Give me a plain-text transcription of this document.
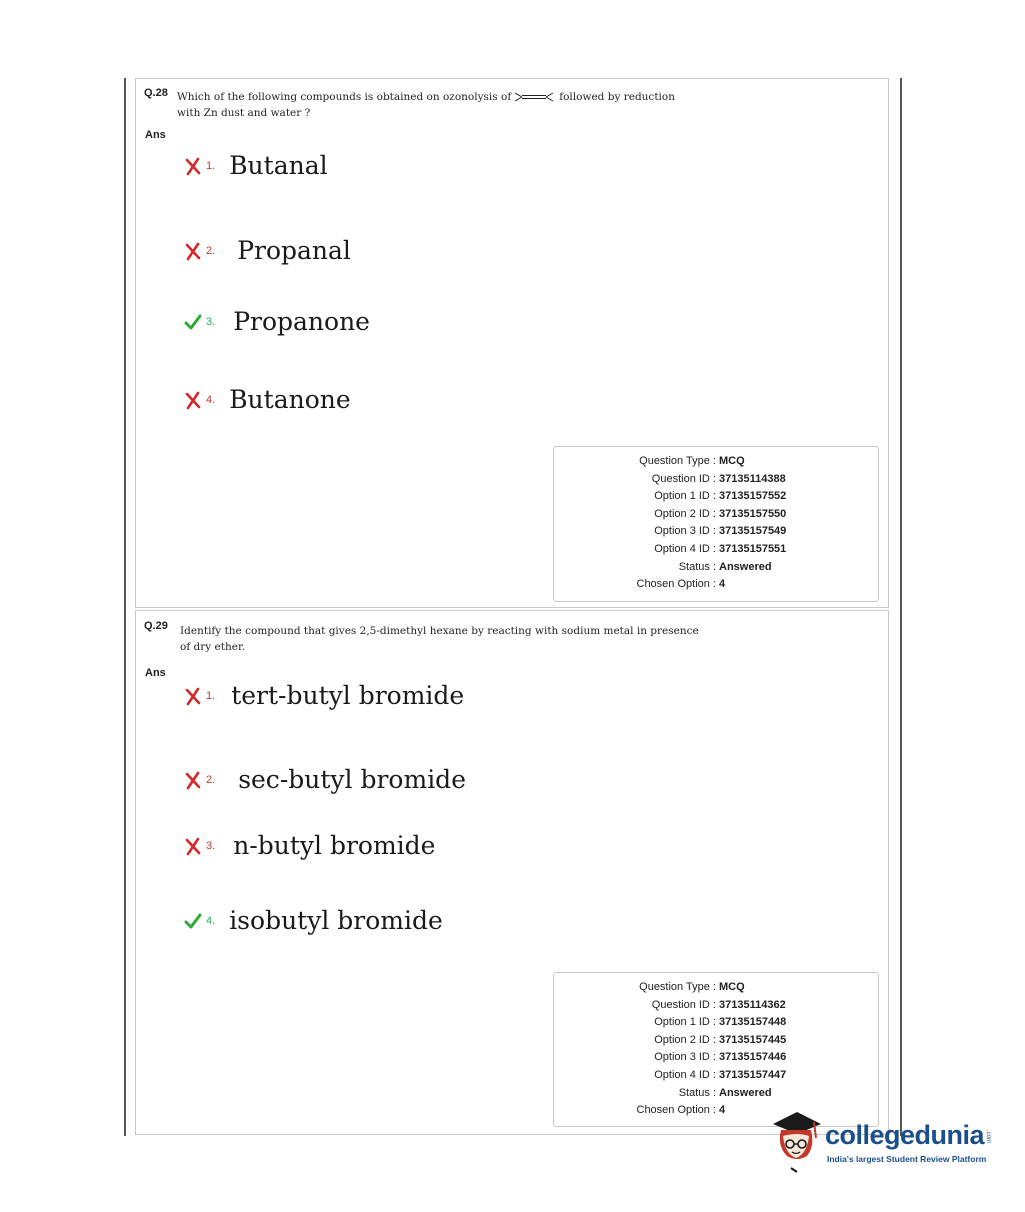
Q.28 Which of the following compounds is obtained on ozonolysis of	followed by reduction
with Zn dust and water ?
Ans
1. Butanal
2. Propanal
3. Propanone
4. Butanone
Question Type : MCQ
Question ID : 37135114388
Option 1 ID : 37135157552
Option 2 ID : 37135157550
Option 3 ID : 37135157549
Option 4 ID : 37135157551
Status : Answered
Chosen Option : 4
Q.29 Identify the compound that gives 2,5-dimethyl hexane by reacting with sodium metal in presence
of dry ether.
Ans
1. tert-butyl bromide
2. sec-butyl bromide
3. n-butyl bromide
4. isobutyl bromide
Question Type : MCQ
Question ID : 37135114362
Option 1 ID : 37135157448
Option 2 ID : 37135157445
Option 3 ID : 37135157446
Option 4 ID : 37135157447
Status : Answered
Chosen Option : 4
collegedunia .com
India's largest Student Review Platform
